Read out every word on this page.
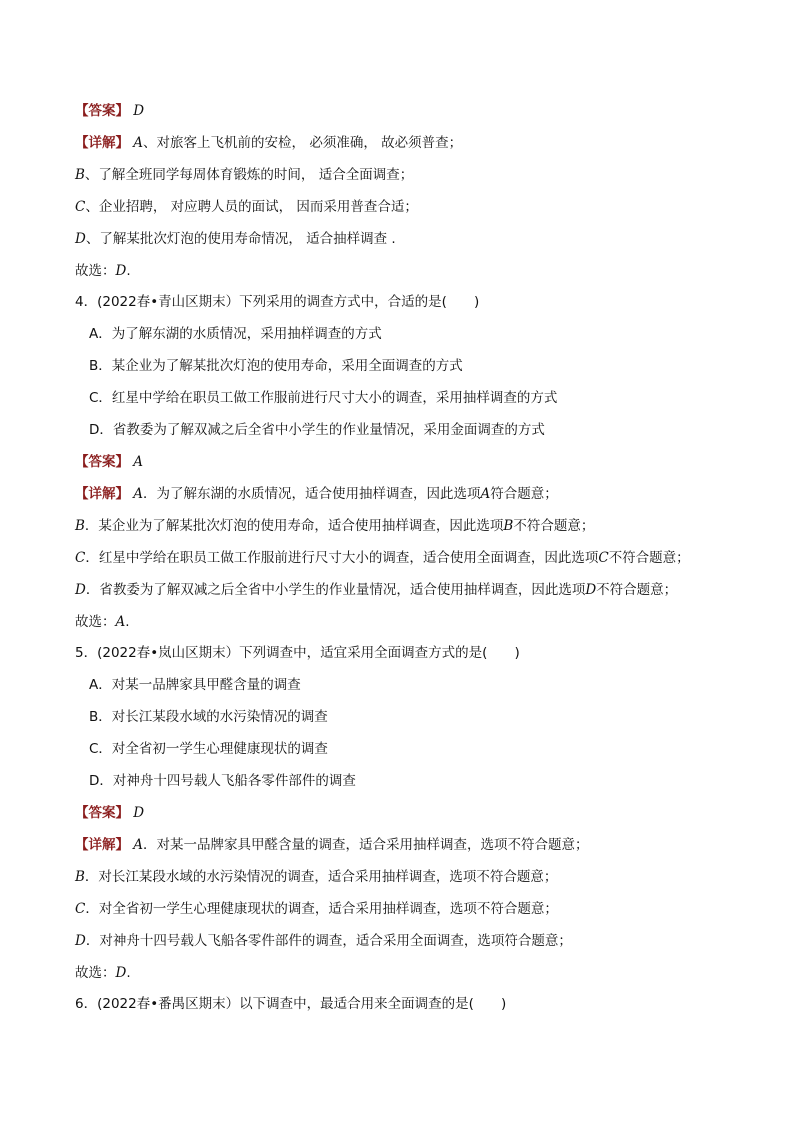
【答案】 D
【详解】 A、对旅客上飞机前的安检， 必须准确， 故必须普查；
B、了解全班同学每周体育锻炼的时间， 适合全面调查；
C、企业招聘， 对应聘人员的面试， 因而采用普查合适；
D、了解某批次灯泡的使用寿命情况， 适合抽样调查 .
故选：D.
4．(2022春•青山区期末）下列采用的调查方式中，合适的是(　　)
A．为了解东湖的水质情况，采用抽样调查的方式
B．某企业为了解某批次灯泡的使用寿命，采用全面调查的方式
C．红星中学给在职员工做工作服前进行尺寸大小的调查，采用抽样调查的方式
D．省教委为了解双减之后全省中小学生的作业量情况，采用金面调查的方式
【答案】 A
【详解】 A．为了解东湖的水质情况，适合使用抽样调查，因此选项A符合题意；
B．某企业为了解某批次灯泡的使用寿命，适合使用抽样调查，因此选项B不符合题意；
C．红星中学给在职员工做工作服前进行尺寸大小的调查，适合使用全面调查，因此选项C不符合题意；
D．省教委为了解双减之后全省中小学生的作业量情况，适合使用抽样调查，因此选项D不符合题意；
故选：A.
5．(2022春•岚山区期末）下列调查中，适宜采用全面调查方式的是(　　)
A．对某一品牌家具甲醛含量的调查
B．对长江某段水域的水污染情况的调查
C．对全省初一学生心理健康现状的调查
D．对神舟十四号载人飞船各零件部件的调查
【答案】 D
【详解】 A．对某一品牌家具甲醛含量的调查，适合采用抽样调查，选项不符合题意；
B．对长江某段水域的水污染情况的调查，适合采用抽样调查，选项不符合题意；
C．对全省初一学生心理健康现状的调查，适合采用抽样调查，选项不符合题意；
D．对神舟十四号载人飞船各零件部件的调查，适合采用全面调查，选项符合题意；
故选：D.
6．(2022春•番禺区期末）以下调查中，最适合用来全面调查的是(　　)
